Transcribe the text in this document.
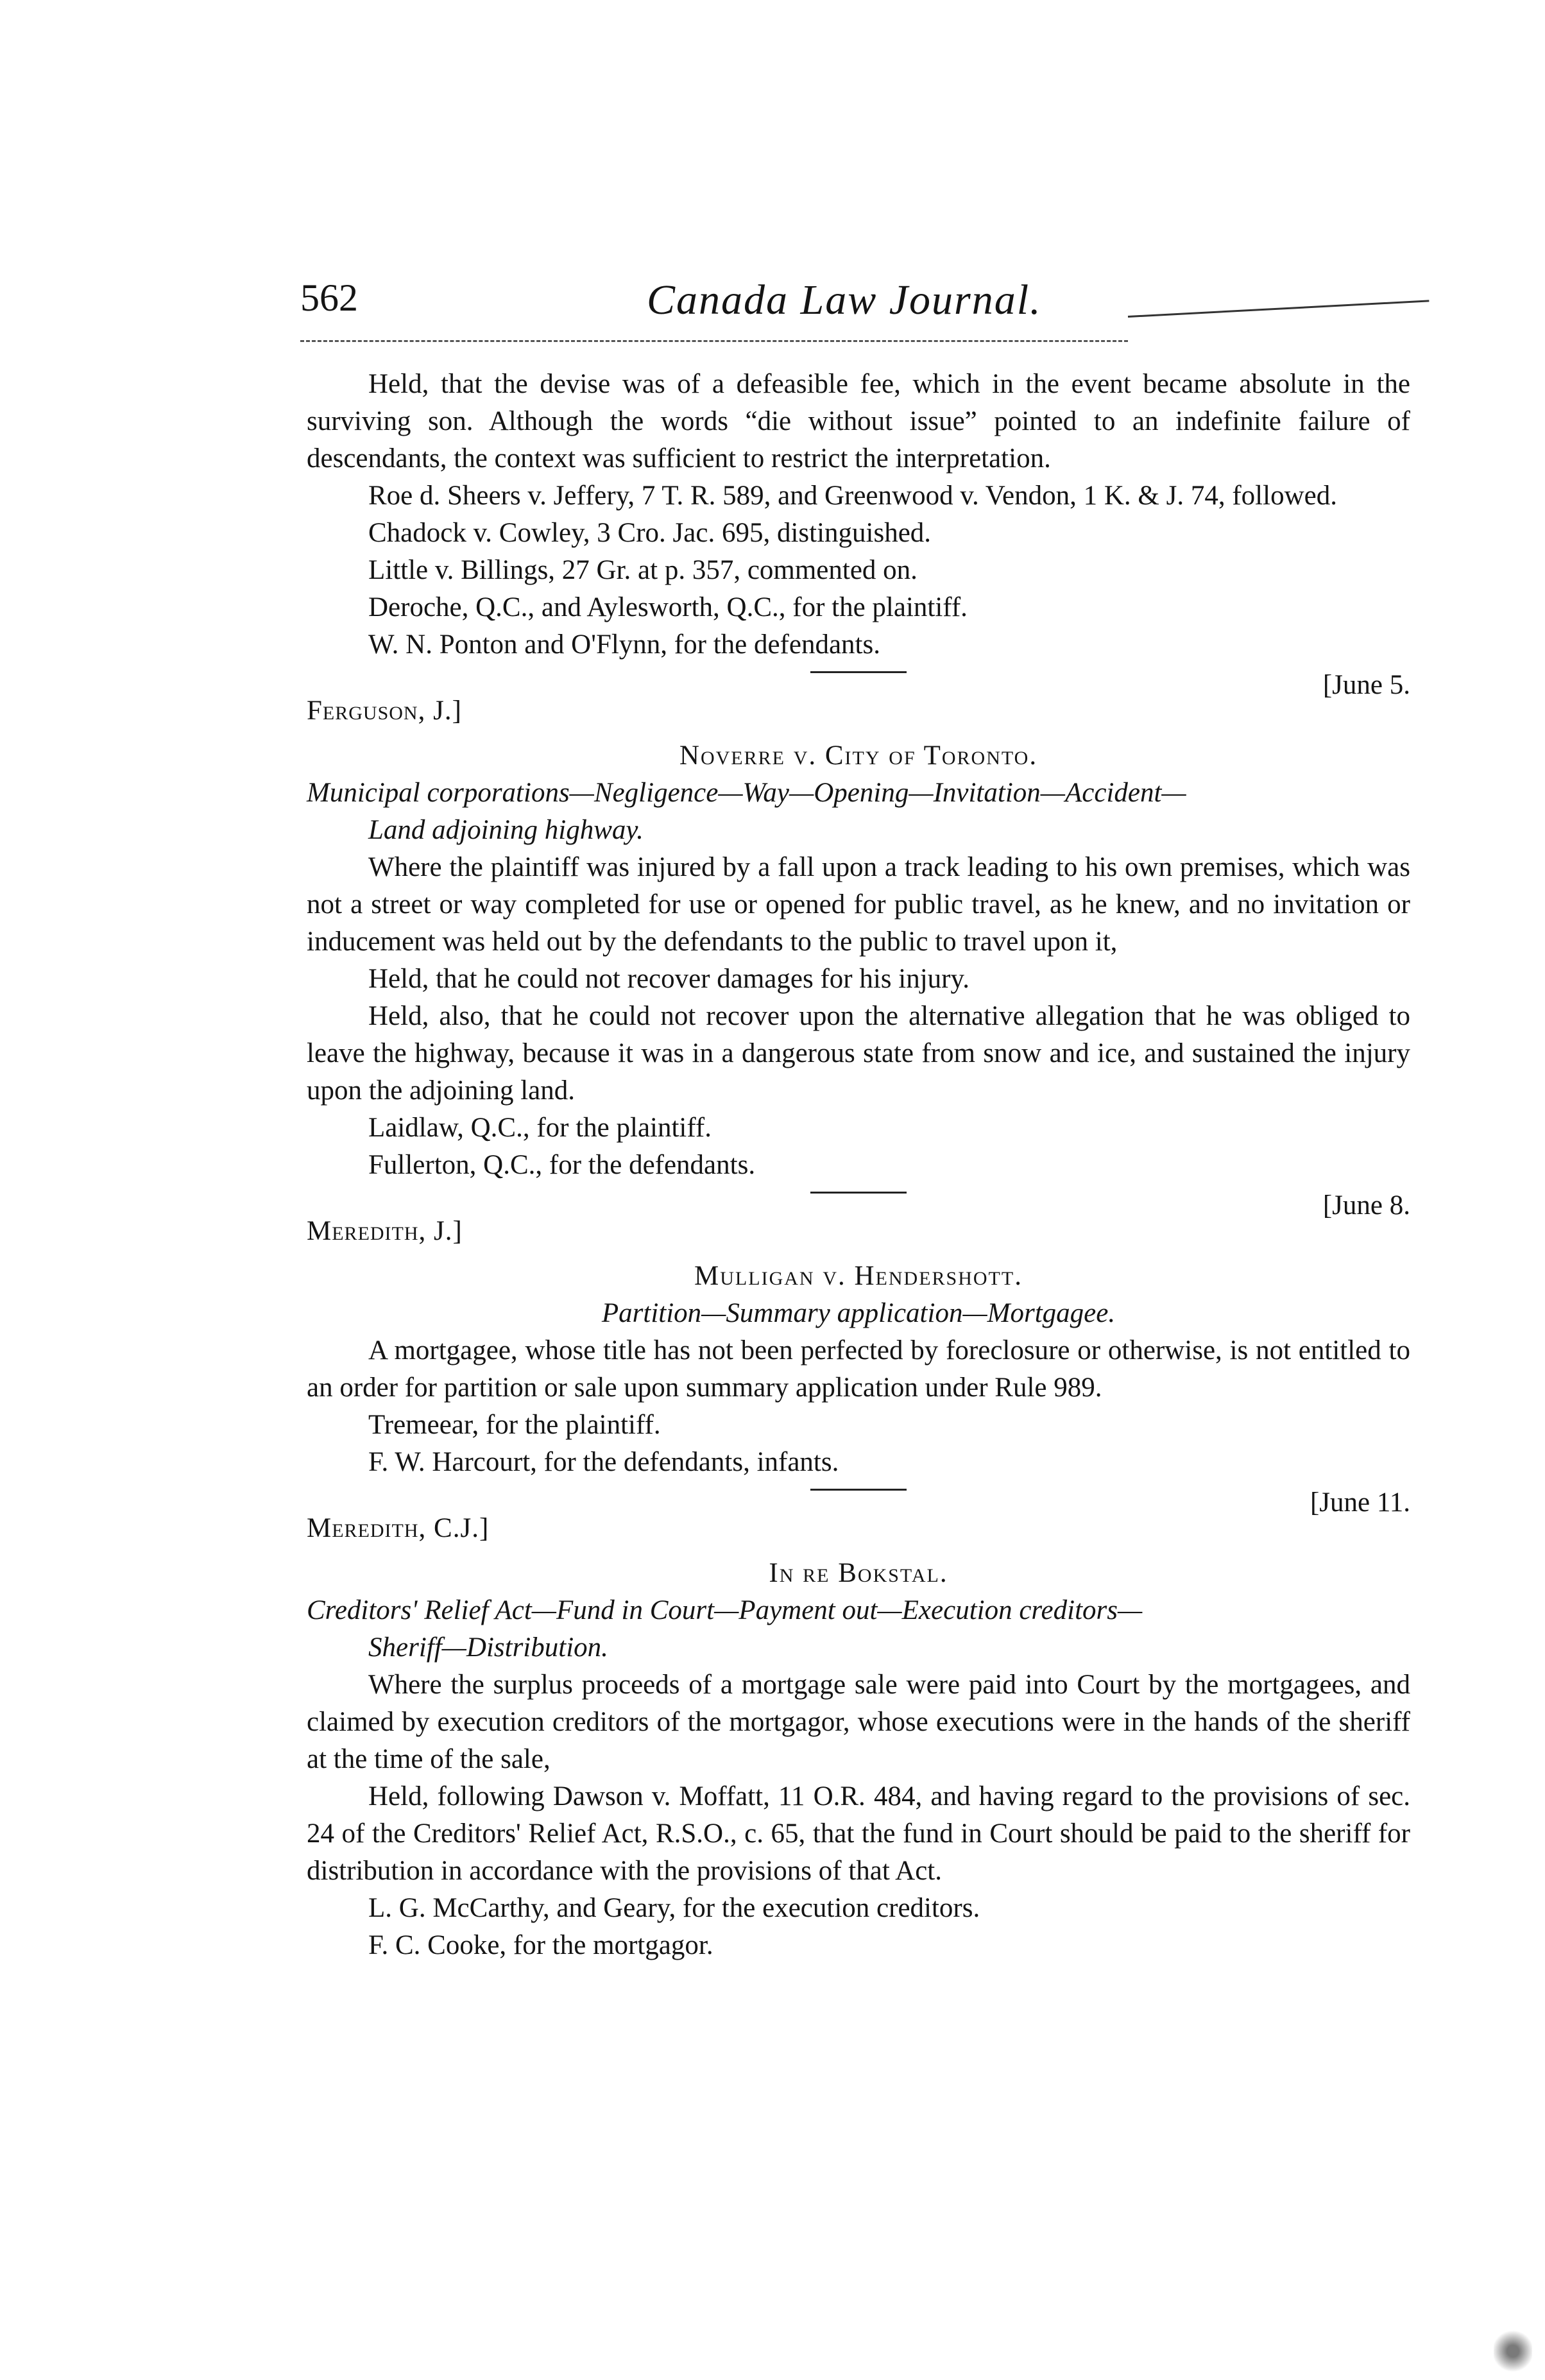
562	Canada Law Journal.

Held, that the devise was of a defeasible fee, which in the event became absolute in the surviving son. Although the words “die without issue” pointed to an indefinite failure of descendants, the context was sufficient to restrict the interpretation.

Roe d. Sheers v. Jeffery, 7 T. R. 589, and Greenwood v. Vendon, 1 K. & J. 74, followed.

Chadock v. Cowley, 3 Cro. Jac. 695, distinguished.

Little v. Billings, 27 Gr. at p. 357, commented on.

Deroche, Q.C., and Aylesworth, Q.C., for the plaintiff.

W. N. Ponton and O'Flynn, for the defendants.

Ferguson, J.]
[June 5.

Noverre v. City of Toronto.

Municipal corporations—Negligence—Way—Opening—Invitation—Accident—

Land adjoining highway.

Where the plaintiff was injured by a fall upon a track leading to his own premises, which was not a street or way completed for use or opened for public travel, as he knew, and no invitation or inducement was held out by the defendants to the public to travel upon it,

Held, that he could not recover damages for his injury.

Held, also, that he could not recover upon the alternative allegation that he was obliged to leave the highway, because it was in a dangerous state from snow and ice, and sustained the injury upon the adjoining land.

Laidlaw, Q.C., for the plaintiff.

Fullerton, Q.C., for the defendants.

Meredith, J.]
[June 8.

Mulligan v. Hendershott.

Partition—Summary application—Mortgagee.

A mortgagee, whose title has not been perfected by foreclosure or otherwise, is not entitled to an order for partition or sale upon summary application under Rule 989.

Tremeear, for the plaintiff.

F. W. Harcourt, for the defendants, infants.

Meredith, C.J.]
[June 11.

In re Bokstal.

Creditors' Relief Act—Fund in Court—Payment out—Execution creditors—

Sheriff—Distribution.

Where the surplus proceeds of a mortgage sale were paid into Court by the mortgagees, and claimed by execution creditors of the mortgagor, whose executions were in the hands of the sheriff at the time of the sale,

Held, following Dawson v. Moffatt, 11 O.R. 484, and having regard to the provisions of sec. 24 of the Creditors' Relief Act, R.S.O., c. 65, that the fund in Court should be paid to the sheriff for distribution in accordance with the provisions of that Act.

L. G. McCarthy, and Geary, for the execution creditors.

F. C. Cooke, for the mortgagor.
